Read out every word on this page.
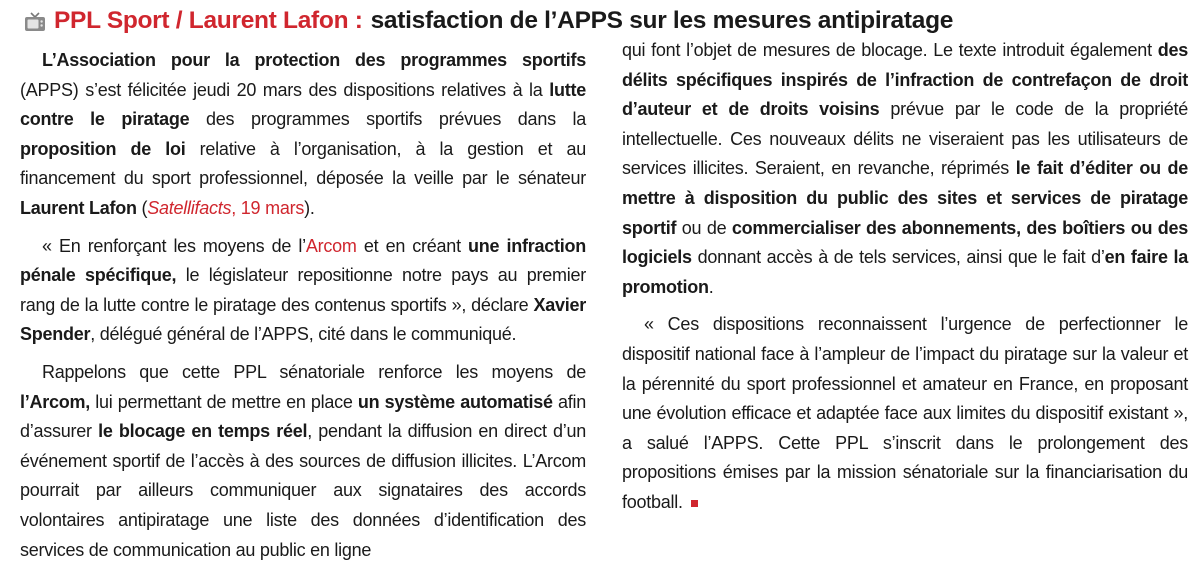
PPL Sport / Laurent Lafon : satisfaction de l’APPS sur les mesures antipiratage

L’Association pour la protection des programmes sportifs (APPS) s’est félicitée jeudi 20 mars des dispositions relatives à la lutte contre le piratage des programmes sportifs prévues dans la proposition de loi relative à l’organisation, à la gestion et au financement du sport professionnel, déposée la veille par le sénateur Laurent Lafon (Satellifacts, 19 mars).

« En renforçant les moyens de l’Arcom et en créant une infraction pénale spécifique, le législateur repositionne notre pays au premier rang de la lutte contre le piratage des contenus sportifs », déclare Xavier Spender, délégué général de l’APPS, cité dans le communiqué.

Rappelons que cette PPL sénatoriale renforce les moyens de l’Arcom, lui permettant de mettre en place un système automatisé afin d’assurer le blocage en temps réel, pendant la diffusion en direct d’un événement sportif de l’accès à des sources de diffusion illicites. L’Arcom pourrait par ailleurs communiquer aux signataires des accords volontaires antipiratage une liste des données d’identification des services de communication au public en ligne

qui font l’objet de mesures de blocage. Le texte introduit également des délits spécifiques inspirés de l’infraction de contrefaçon de droit d’auteur et de droits voisins prévue par le code de la propriété intellectuelle. Ces nouveaux délits ne viseraient pas les utilisateurs de services illicites. Seraient, en revanche, réprimés le fait d’éditer ou de mettre à disposition du public des sites et services de piratage sportif ou de commercialiser des abonnements, des boîtiers ou des logiciels donnant accès à de tels services, ainsi que le fait d’en faire la promotion.

« Ces dispositions reconnaissent l’urgence de perfectionner le dispositif national face à l’ampleur de l’impact du piratage sur la valeur et la pérennité du sport professionnel et amateur en France, en proposant une évolution efficace et adaptée face aux limites du dispositif existant », a salué l’APPS. Cette PPL s’inscrit dans le prolongement des propositions émises par la mission sénatoriale sur la financiarisation du football.
